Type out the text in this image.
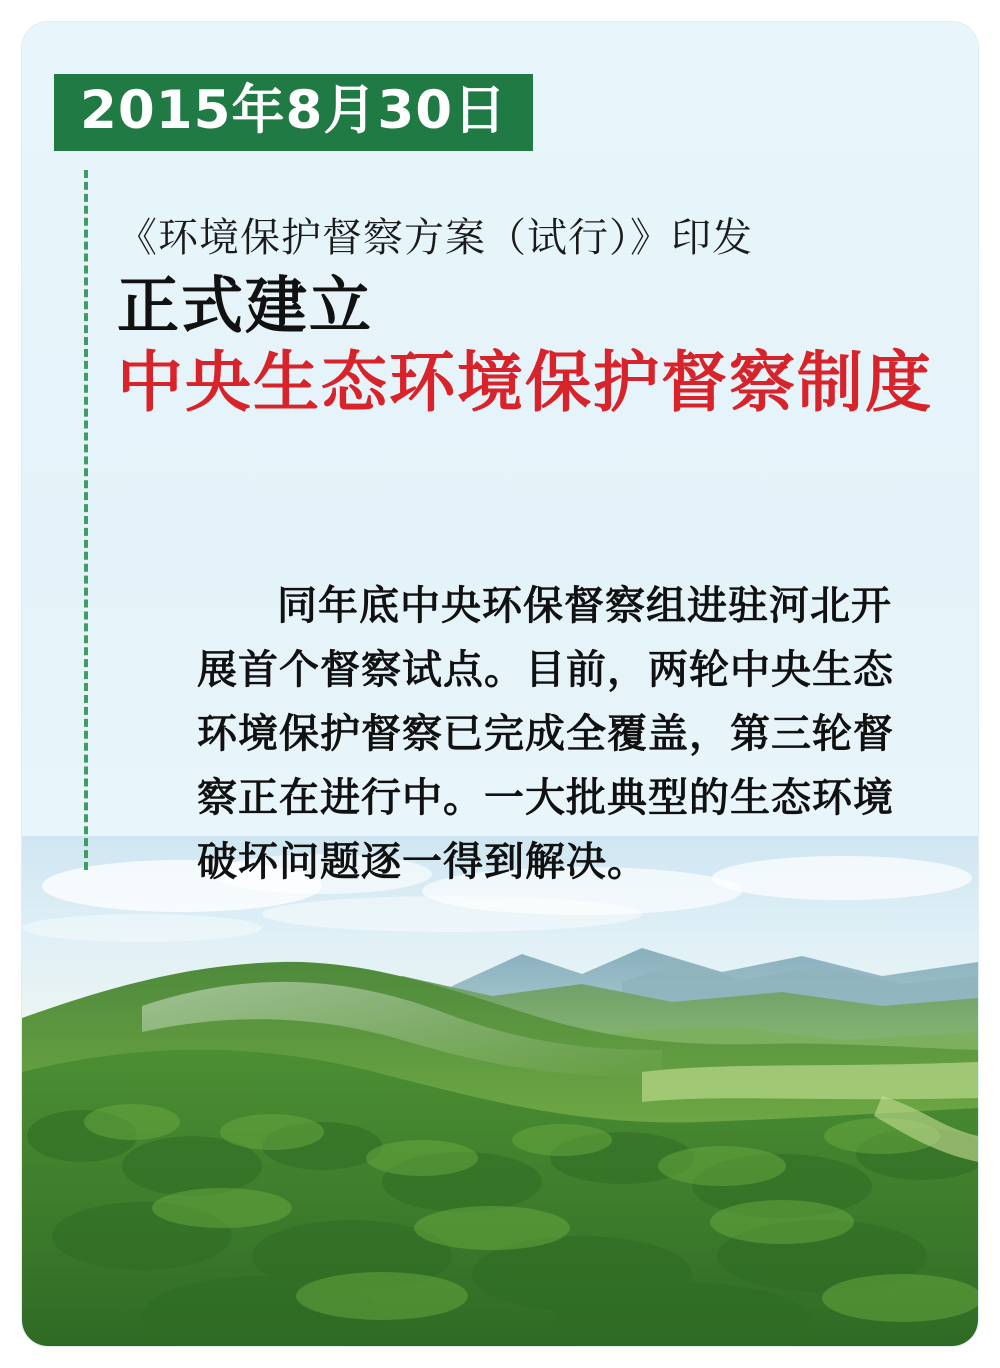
2015年8月30日

《环境保护督察方案（试行）》印发

正式建立

中央生态环境保护督察制度

同年底中央环保督察组进驻河北开展首个督察试点。目前，两轮中央生态环境保护督察已完成全覆盖，第三轮督察正在进行中。一大批典型的生态环境破坏问题逐一得到解决。
